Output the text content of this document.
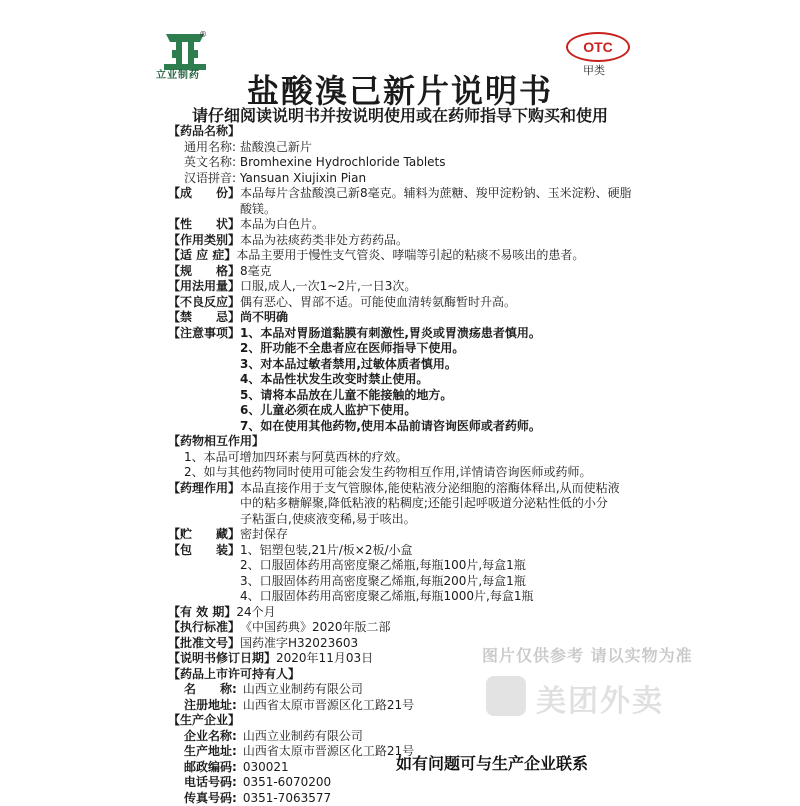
®
立业制药
OTC
甲类
盐酸溴己新片说明书
请仔细阅读说明书并按说明使用或在药师指导下购买和使用
【药品名称】
通用名称: 盐酸溴己新片
英文名称: Bromhexine Hydrochloride Tablets
汉语拼音: Yansuan Xiujixin Pian
【成　　份】 本品每片含盐酸溴己新8毫克。辅料为蔗糖、羧甲淀粉钠、玉米淀粉、硬脂酸镁。
【性　　状】 本品为白色片。
【作用类别】 本品为祛痰药类非处方药药品。
【适 应 症】 本品主要用于慢性支气管炎、哮喘等引起的粘痰不易咳出的患者。
【规　　格】 8毫克
【用法用量】 口服,成人,一次1~2片,一日3次。
【不良反应】 偶有恶心、胃部不适。可能使血清转氨酶暂时升高。
【禁　　忌】 尚不明确
【注意事项】 1、本品对胃肠道黏膜有刺激性,胃炎或胃溃疡患者慎用。
2、肝功能不全患者应在医师指导下使用。
3、对本品过敏者禁用,过敏体质者慎用。
4、本品性状发生改变时禁止使用。
5、请将本品放在儿童不能接触的地方。
6、儿童必须在成人监护下使用。
7、如在使用其他药物,使用本品前请咨询医师或者药师。
【药物相互作用】
1、本品可增加四环素与阿莫西林的疗效。
2、如与其他药物同时使用可能会发生药物相互作用,详情请咨询医师或药师。
【药理作用】 本品直接作用于支气管腺体,能使粘液分泌细胞的溶酶体释出,从而使粘液
中的粘多糖解聚,降低粘液的粘稠度;还能引起呼吸道分泌粘性低的小分
子粘蛋白,使痰液变稀,易于咳出。
【贮　　藏】 密封保存
【包　　装】 1、铝塑包装,21片/板×2板/小盒
2、口服固体药用高密度聚乙烯瓶,每瓶100片,每盒1瓶
3、口服固体药用高密度聚乙烯瓶,每瓶200片,每盒1瓶
4、口服固体药用高密度聚乙烯瓶,每瓶1000片,每盒1瓶
【有 效 期】 24个月
【执行标准】 《中国药典》2020年版二部
【批准文号】 国药准字H32023603
【说明书修订日期】 2020年11月03日
【药品上市许可持有人】
名　　称: 山西立业制药有限公司
注册地址: 山西省太原市晋源区化工路21号
【生产企业】
企业名称: 山西立业制药有限公司
生产地址: 山西省太原市晋源区化工路21号
邮政编码: 030021
电话号码: 0351-6070200
传真号码: 0351-7063577
图片仅供参考 请以实物为准
美团外卖
如有问题可与生产企业联系
